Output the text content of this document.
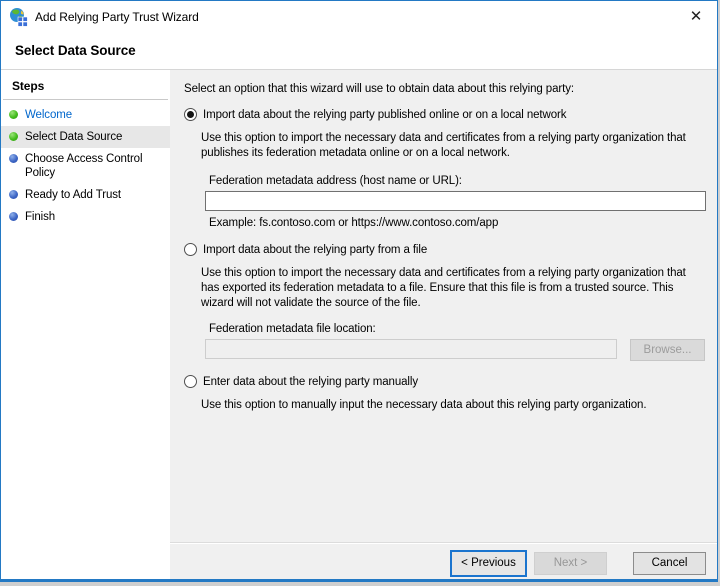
Add Relying Party Trust Wizard	✕
Select Data Source
Steps
Welcome
Select Data Source
Choose Access Control Policy
Ready to Add Trust
Finish
Select an option that this wizard will use to obtain data about this relying party:
Import data about the relying party published online or on a local network
Use this option to import the necessary data and certificates from a relying party organization that publishes its federation metadata online or on a local network.
Federation metadata address (host name or URL):
Example: fs.contoso.com or https://www.contoso.com/app
Import data about the relying party from a file
Use this option to import the necessary data and certificates from a relying party organization that has exported its federation metadata to a file. Ensure that this file is from a trusted source. This wizard will not validate the source of the file.
Federation metadata file location:
Browse...
Enter data about the relying party manually
Use this option to manually input the necessary data about this relying party organization.
< Previous	Next >	Cancel
